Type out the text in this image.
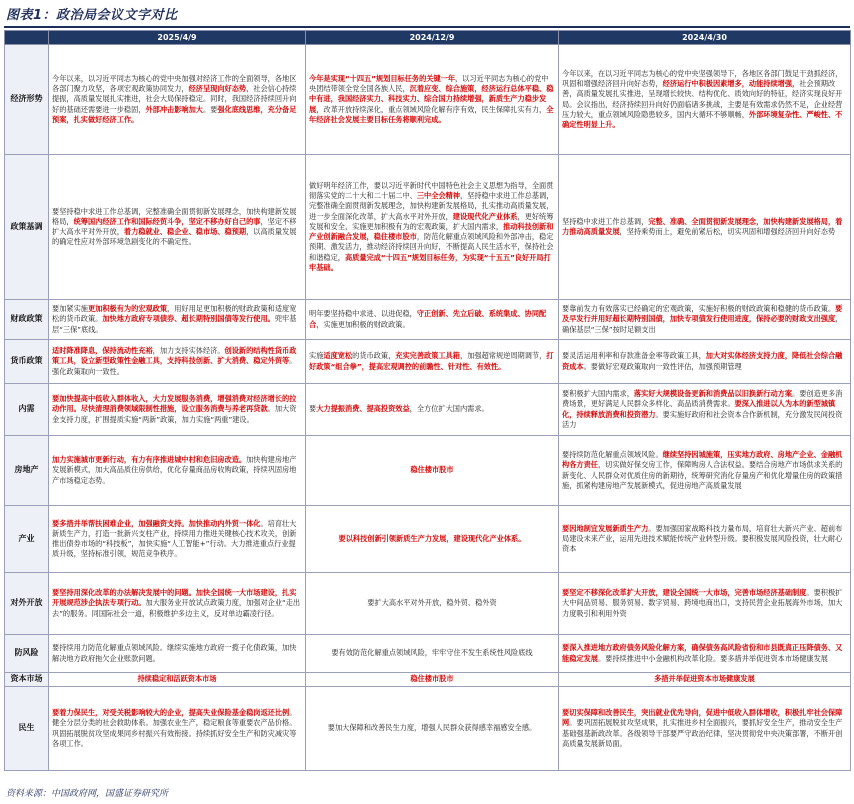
图表1：政治局会议文字对比
	2025/4/9	2024/12/9	2024/4/30
经济形势	今年以来，以习近平同志为核心的党中央加强对经济工作的全面领导，各地区各部门聚力攻坚，各项宏观政策协同发力，经济呈现向好态势，社会信心持续提振，高质量发展扎实推进，社会大局保持稳定。同时，我国经济持续回升向好的基础还需要进一步稳固，外部冲击影响加大。要强化底线思维，充分备足预案，扎实做好经济工作。	今年是实现“十四五”规划目标任务的关键一年，以习近平同志为核心的党中央团结带领全党全国各族人民，沉着应变、综合施策，经济运行总体平稳、稳中有进，我国经济实力、科技实力、综合国力持续增强，新质生产力稳步发展，改革开放持续深化，重点领域风险化解有序有效，民生保障扎实有力，全年经济社会发展主要目标任务将顺利完成。	今年以来，在以习近平同志为核心的党中央坚强领导下，各地区各部门鼓足干劲抓经济，巩固和增强经济回升向好态势，经济运行中积极因素增多，动能持续增强，社会预期改善，高质量发展扎实推进，呈现增长较快、结构优化、质效向好的特征，经济实现良好开局。会议指出，经济持续回升向好仍面临诸多挑战，主要是有效需求仍然不足，企业经营压力较大，重点领域风险隐患较多，国内大循环不够顺畅，外部环境复杂性、严峻性、不确定性明显上升。
政策基调	要坚持稳中求进工作总基调，完整准确全面贯彻新发展理念，加快构建新发展格局，统筹国内经济工作和国际经贸斗争，坚定不移办好自己的事，坚定不移扩大高水平对外开放，着力稳就业、稳企业、稳市场、稳预期，以高质量发展的确定性应对外部环境急剧变化的不确定性。	做好明年经济工作，要以习近平新时代中国特色社会主义思想为指导，全面贯彻落实党的二十大和二十届二中、三中全会精神，坚持稳中求进工作总基调，完整准确全面贯彻新发展理念，加快构建新发展格局，扎实推动高质量发展，进一步全面深化改革，扩大高水平对外开放，建设现代化产业体系，更好统筹发展和安全，实施更加积极有为的宏观政策，扩大国内需求，推动科技创新和产业创新融合发展，稳住楼市股市，防范化解重点领域风险和外部冲击，稳定预期、激发活力，推动经济持续回升向好，不断提高人民生活水平，保持社会和谐稳定，高质量完成“十四五”规划目标任务，为实现“十五五”良好开局打牢基础。	坚持稳中求进工作总基调，完整、准确、全面贯彻新发展理念，加快构建新发展格局，着力推动高质量发展，坚持乘势而上，避免前紧后松，切实巩固和增强经济回升向好态势
财政政策	要加紧实施更加积极有为的宏观政策，用好用足更加积极的财政政策和适度宽松的货币政策。加快地方政府专项债券、超长期特别国债等发行使用。兜牢基层“三保”底线。	明年要坚持稳中求进、以进促稳，守正创新、先立后破、系统集成、协同配合，实施更加积极的财政政策。	要靠前发力有效落实已经确定的宏观政策，实施好积极的财政政策和稳健的货币政策。要及早发行并用好超长期特别国债，加快专项债发行使用进度，保持必要的财政支出强度，确保基层“三保”按时足额支出
货币政策	适时降准降息，保持流动性充裕，加力支持实体经济。创设新的结构性货币政策工具，设立新型政策性金融工具，支持科技创新、扩大消费、稳定外贸等。强化政策取向一致性。	实施适度宽松的货币政策，充实完善政策工具箱，加强超常规逆周期调节，打好政策“组合拳”，提高宏观调控的前瞻性、针对性、有效性。	要灵活运用利率和存款准备金率等政策工具，加大对实体经济支持力度，降低社会综合融资成本。要做好宏观政策取向一致性评估，加强预期管理
内需	要加快提高中低收入群体收入，大力发展服务消费，增强消费对经济增长的拉动作用。尽快清理消费领域限制性措施，设立服务消费与养老再贷款。加大资金支持力度，扩围提质实施“两新”政策，加力实施“两重”建设。	要大力提振消费、提高投资效益，全方位扩大国内需求。	要积极扩大国内需求，落实好大规模设备更新和消费品以旧换新行动方案。要创造更多消费场景，更好满足人民群众多样化、高品质消费需求。要深入推进以人为本的新型城镇化，持续释放消费和投资潜力。要实施好政府和社会资本合作新机制，充分激发民间投资活力
房地产	加力实施城市更新行动，有力有序推进城中村和危旧房改造。加快构建房地产发展新模式，加大高品质住房供给，优化存量商品房收购政策，持续巩固房地产市场稳定态势。	稳住楼市股市	要持续防范化解重点领域风险。继续坚持因城施策，压实地方政府、房地产企业、金融机构各方责任，切实做好保交房工作，保障购房人合法权益。要结合房地产市场供求关系的新变化、人民群众对优质住房的新期待，统筹研究消化存量房产和优化增量住房的政策措施，抓紧构建房地产发展新模式，促进房地产高质量发展
产业	要多措并举帮扶困难企业，加强融资支持。加快推动内外贸一体化。培育壮大新质生产力，打造一批新兴支柱产业，持续用力推进关键核心技术攻关，创新推出债券市场的“科技板”，加快实施“人工智能+”行动。大力推进重点行业提质升级，坚持标准引领，规范竞争秩序。	要以科技创新引领新质生产力发展，建设现代化产业体系。	要因地制宜发展新质生产力。要加强国家战略科技力量布局，培育壮大新兴产业、超前布局建设未来产业，运用先进技术赋能传统产业转型升级。要积极发展风险投资，壮大耐心资本
对外开放	要坚持用深化改革的办法解决发展中的问题。加快全国统一大市场建设，扎实开展规范涉企执法专项行动。加大服务业开放试点政策力度，加强对企业“走出去”的服务。同国际社会一道，积极维护多边主义，反对单边霸凌行径。	要扩大高水平对外开放，稳外贸、稳外资	要坚定不移深化改革扩大开放，建设全国统一大市场，完善市场经济基础制度。要积极扩大中间品贸易、服务贸易、数字贸易、跨境电商出口，支持民营企业拓展海外市场，加大力度吸引和利用外资
防风险	要持续用力防范化解重点领域风险。继续实施地方政府一揽子化债政策，加快解决地方政府拖欠企业账款问题。	要有效防范化解重点领域风险，牢牢守住不发生系统性风险底线	要深入推进地方政府债务风险化解方案，确保债务高风险省份和市县既真正压降债务、又能稳定发展。要持续推进中小金融机构改革化险。要多措并举促进资本市场健康发展
资本市场	持续稳定和活跃资本市场	稳住楼市股市	多措并举促进资本市场健康发展
民生	要着力保民生，对受关税影响较大的企业，提高失业保险基金稳岗返还比例。健全分层分类的社会救助体系。加强农业生产，稳定粮食等重要农产品价格。巩固拓展脱贫攻坚成果同乡村振兴有效衔接。持续抓好安全生产和防灾减灾等各项工作。	要加大保障和改善民生力度，增强人民群众获得感幸福感安全感。	要切实保障和改善民生，突出就业优先导向，促进中低收入群体增收，积极扎牢社会保障网。要巩固拓展脱贫攻坚成果，扎实推进乡村全面振兴，要抓好安全生产，推动安全生产基础强基新政改革。各级领导干部要严守政治纪律，坚决贯彻党中央决策部署，不断开创高质量发展新局面。
资料来源：中国政府网，国盛证券研究所
